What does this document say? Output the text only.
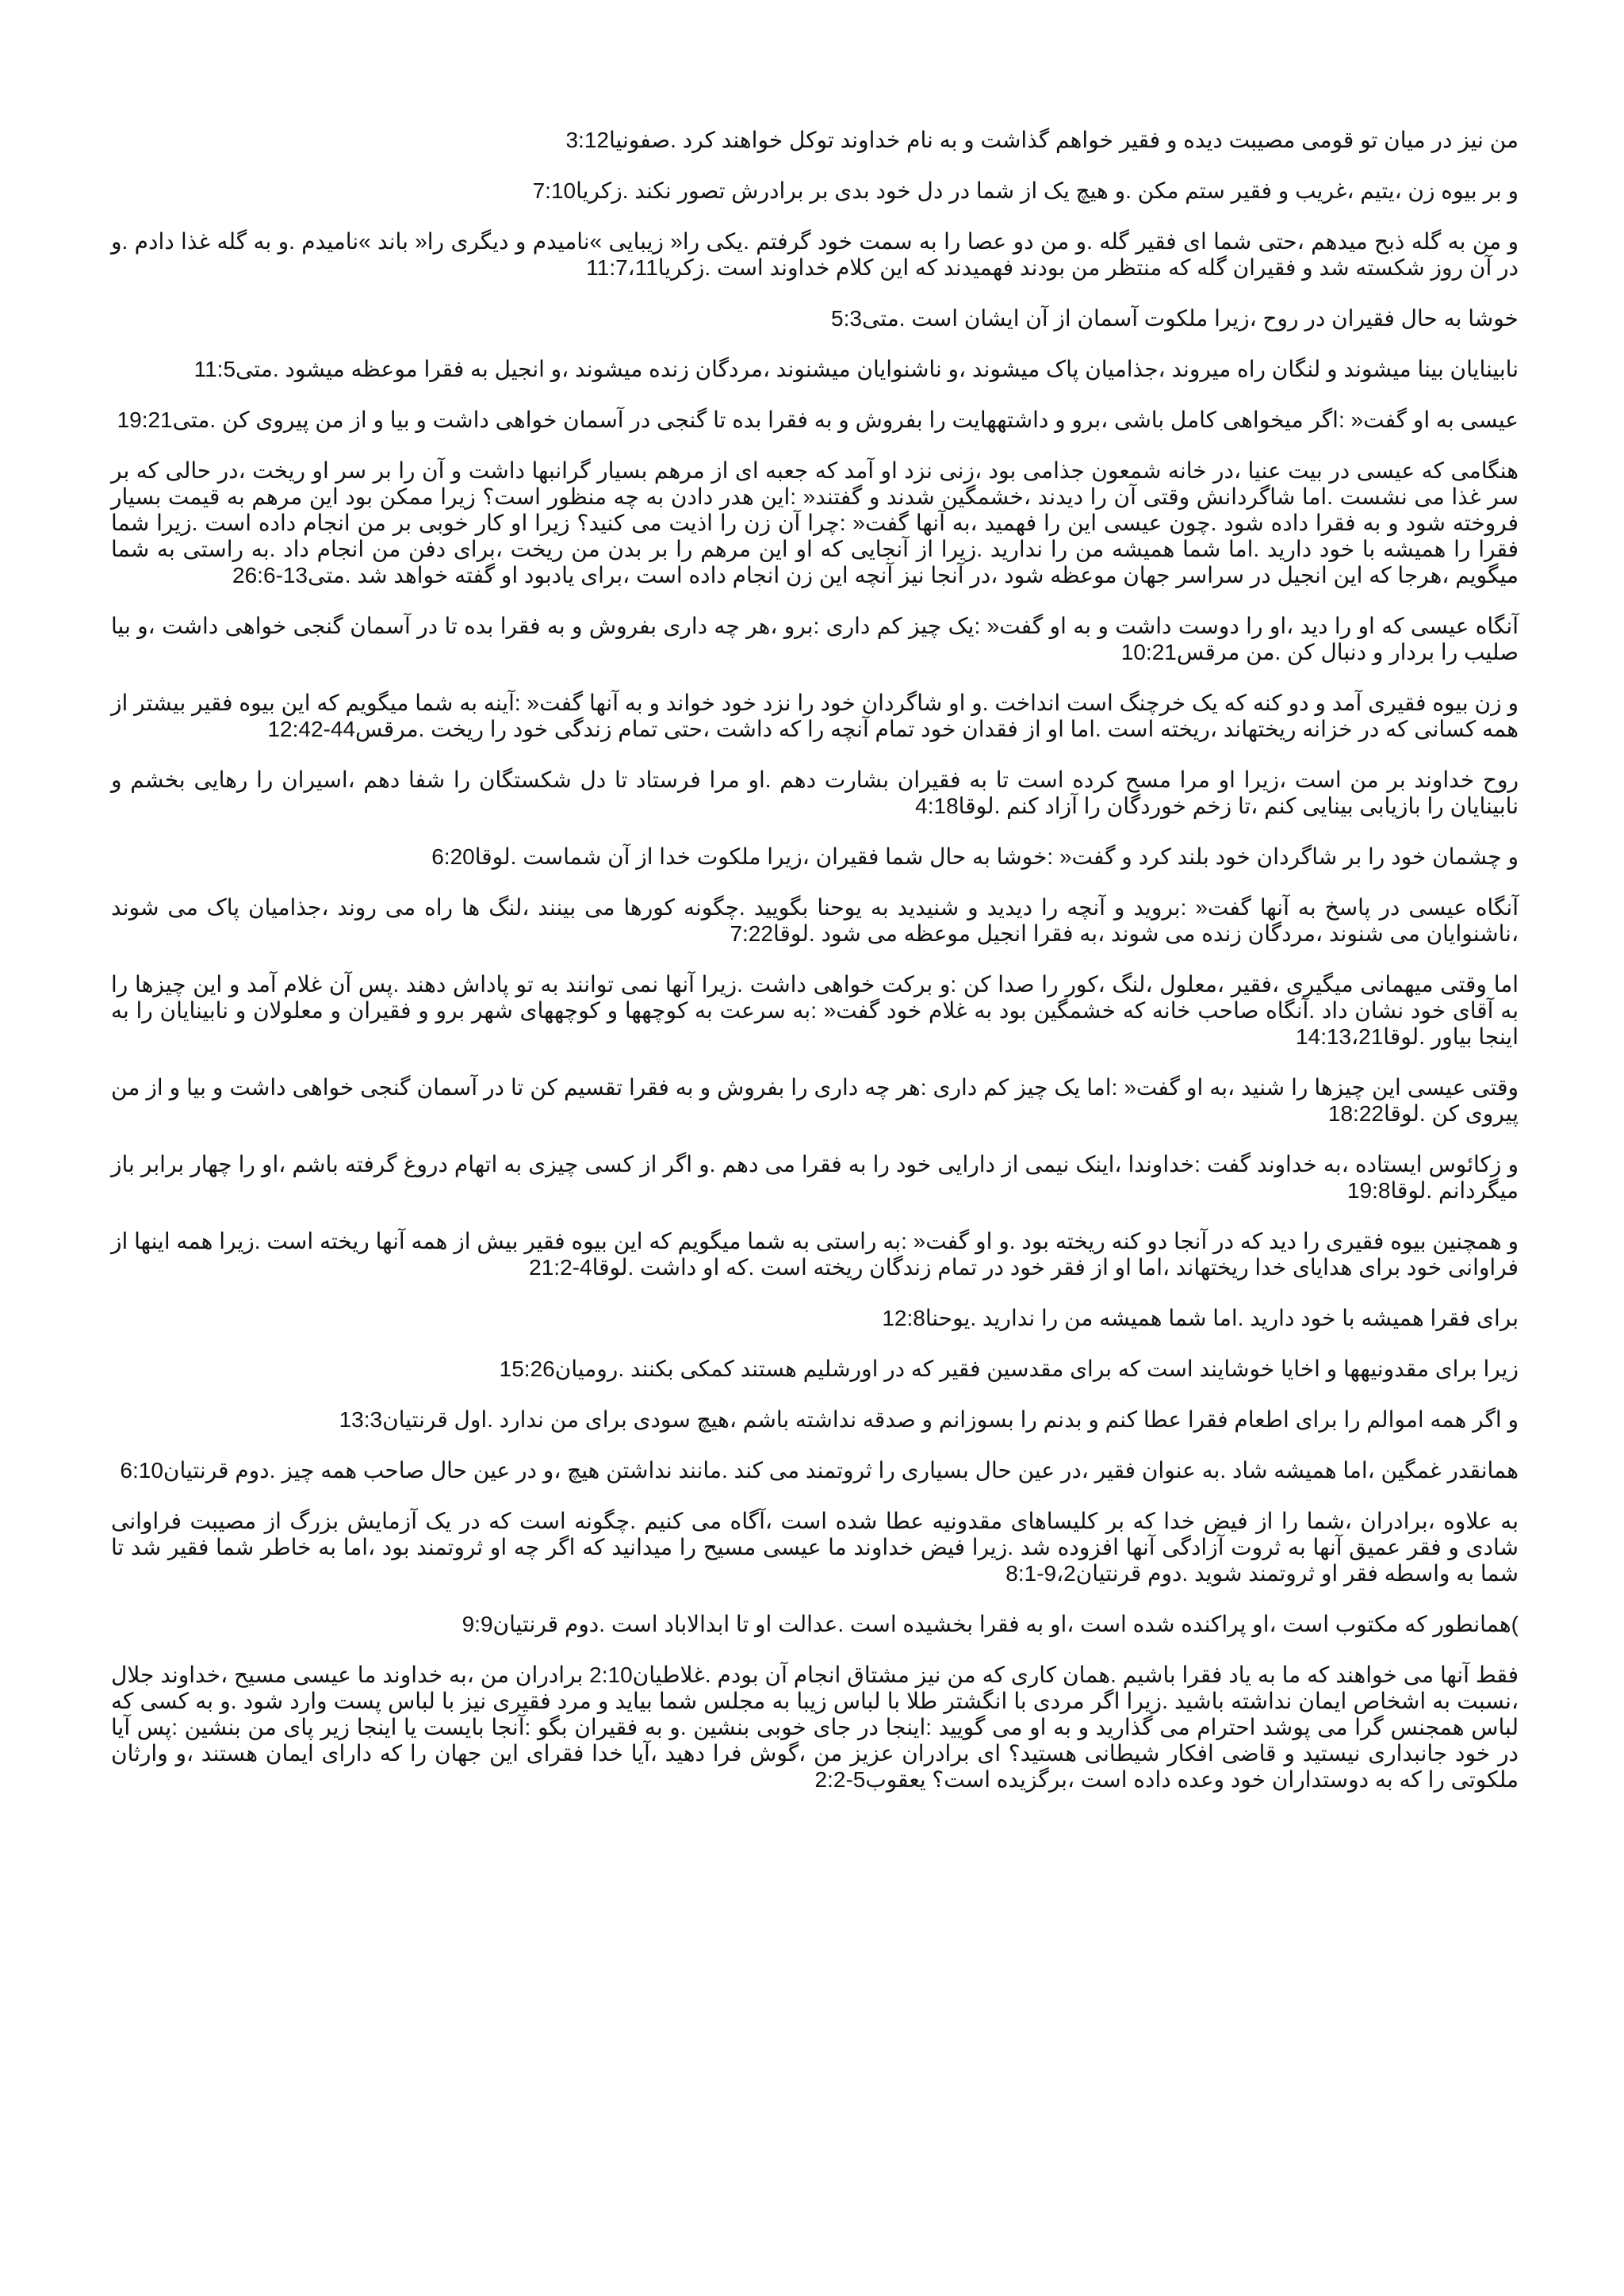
من نیز در میان تو قومی مصیبت دیده و فقیر خواهم گذاشت و به نام خداوند توکل خواهند کرد .صفونیا3:12

و بر بیوه زن ،یتیم ،غریب و فقیر ستم مکن .و هیچ یک از شما در دل خود بدی بر برادرش تصور نکند .زکریا7:10

و من به گله ذبح میدهم ،حتی شما ای فقیر گله .و من دو عصا را به سمت خود گرفتم .یکی را« زیبایی »نامیدم و دیگری را« باند »نامیدم .و به گله غذا دادم .و در آن روز شکسته شد و فقیران گله که منتظر من بودند فهمیدند که این کلام خداوند است .زکریا11:7،11

خوشا به حال فقیران در روح ،زیرا ملکوت آسمان از آن ایشان است .متی5:3

نابینایان بینا میشوند و لنگان راه میروند ،جذامیان پاک میشوند ،و ناشنوایان میشنوند ،مردگان زنده میشوند ،و انجیل به فقرا موعظه میشود .متی11:5

عیسی به او گفت« :اگر میخواهی کامل باشی ،برو و داشتههایت را بفروش و به فقرا بده تا گنجی در آسمان خواهی داشت و بیا و از من پیروی کن .متی19:21

هنگامی که عیسی در بیت عنیا ،در خانه شمعون جذامی بود ،زنی نزد او آمد که جعبه ای از مرهم بسیار گرانبها داشت و آن را بر سر او ریخت ،در حالی که بر سر غذا می نشست .اما شاگردانش وقتی آن را دیدند ،خشمگین شدند و گفتند« :این هدر دادن به چه منظور است؟ زیرا ممکن بود این مرهم به قیمت بسیار فروخته شود و به فقرا داده شود .چون عیسی این را فهمید ،به آنها گفت« :چرا آن زن را اذیت می کنید؟ زیرا او کار خوبی بر من انجام داده است .زیرا شما فقرا را همیشه با خود دارید .اما شما همیشه من را ندارید .زیرا از آنجایی که او این مرهم را بر بدن من ریخت ،برای دفن من انجام داد .به راستی به شما میگویم ،هرجا که این انجیل در سراسر جهان موعظه شود ،در آنجا نیز آنچه این زن انجام داده است ،برای یادبود او گفته خواهد شد .متی13-26:6

آنگاه عیسی که او را دید ،او را دوست داشت و به او گفت« :یک چیز کم داری :برو ،هر چه داری بفروش و به فقرا بده تا در آسمان گنجی خواهی داشت ،و بیا صلیب را بردار و دنبال کن .من مرقس10:21

و زن بیوه فقیری آمد و دو کنه که یک خرچنگ است انداخت .و او شاگردان خود را نزد خود خواند و به آنها گفت« :آینه به شما میگویم که این بیوه فقیر بیشتر از همه کسانی که در خزانه ریختهاند ،ریخته است .اما او از فقدان خود تمام آنچه را که داشت ،حتی تمام زندگی خود را ریخت .مرقس44-12:42

روح خداوند بر من است ،زیرا او مرا مسح کرده است تا به فقیران بشارت دهم .او مرا فرستاد تا دل شکستگان را شفا دهم ،اسیران را رهایی بخشم و نابینایان را بازیابی بینایی کنم ،تا زخم خوردگان را آزاد کنم .لوقا4:18

و چشمان خود را بر شاگردان خود بلند کرد و گفت« :خوشا به حال شما فقیران ،زیرا ملکوت خدا از آن شماست .لوقا6:20

آنگاه عیسی در پاسخ به آنها گفت« :بروید و آنچه را دیدید و شنیدید به یوحنا بگویید .چگونه کورها می بینند ،لنگ ها راه می روند ،جذامیان پاک می شوند ،ناشنوایان می شنوند ،مردگان زنده می شوند ،به فقرا انجیل موعظه می شود .لوقا7:22

اما وقتی میهمانی میگیری ،فقیر ،معلول ،لنگ ،کور را صدا کن :و برکت خواهی داشت .زیرا آنها نمی توانند به تو پاداش دهند .پس آن غلام آمد و این چیزها را به آقای خود نشان داد .آنگاه صاحب خانه که خشمگین بود به غلام خود گفت« :به سرعت به کوچهها و کوچههای شهر برو و فقیران و معلولان و نابینایان را به اینجا بیاور .لوقا14:13،21

وقتی عیسی این چیزها را شنید ،به او گفت« :اما یک چیز کم داری :هر چه داری را بفروش و به فقرا تقسیم کن تا در آسمان گنجی خواهی داشت و بیا و از من پیروی کن .لوقا18:22

و زکائوس ایستاده ،به خداوند گفت :خداوندا ،اینک نیمی از دارایی خود را به فقرا می دهم .و اگر از کسی چیزی به اتهام دروغ گرفته باشم ،او را چهار برابر باز میگردانم .لوقا19:8

و همچنین بیوه فقیری را دید که در آنجا دو کنه ریخته بود .و او گفت« :به راستی به شما میگویم که این بیوه فقیر بیش از همه آنها ریخته است .زیرا همه اینها از فراوانی خود برای هدایای خدا ریختهاند ،اما او از فقر خود در تمام زندگان ریخته است .که او داشت .لوقا4-21:2

برای فقرا همیشه با خود دارید .اما شما همیشه من را ندارید .یوحنا12:8

زیرا برای مقدونیهها و اخایا خوشایند است که برای مقدسین فقیر که در اورشلیم هستند کمکی بکنند .رومیان15:26

و اگر همه اموالم را برای اطعام فقرا عطا کنم و بدنم را بسوزانم و صدقه نداشته باشم ،هیچ سودی برای من ندارد .اول قرنتیان13:3

همانقدر غمگین ،اما همیشه شاد .به عنوان فقیر ،در عین حال بسیاری را ثروتمند می کند .مانند نداشتن هیچ ،و در عین حال صاحب همه چیز .دوم قرنتیان6:10

به علاوه ،برادران ،شما را از فیض خدا که بر کلیساهای مقدونیه عطا شده است ،آگاه می کنیم .چگونه است که در یک آزمایش بزرگ از مصیبت فراوانی شادی و فقر عمیق آنها به ثروت آزادگی آنها افزوده شد .زیرا فیض خداوند ما عیسی مسیح را میدانید که اگر چه او ثروتمند بود ،اما به خاطر شما فقیر شد تا شما به واسطه فقر او ثروتمند شوید .دوم قرنتیان9،2-8:1

)همانطور که مکتوب است ،او پراکنده شده است ،او به فقرا بخشیده است .عدالت او تا ابدالاباد است .دوم قرنتیان9:9

فقط آنها می خواهند که ما به یاد فقرا باشیم .همان کاری که من نیز مشتاق انجام آن بودم .غلاطیان2:10 برادران من ،به خداوند ما عیسی مسیح ،خداوند جلال ،نسبت به اشخاص ایمان نداشته باشید .زیرا اگر مردی با انگشتر طلا با لباس زیبا به مجلس شما بیاید و مرد فقیری نیز با لباس پست وارد شود .و به کسی که لباس همجنس گرا می پوشد احترام می گذارید و به او می گویید :اینجا در جای خوبی بنشین .و به فقیران بگو :آنجا بایست یا اینجا زیر پای من بنشین :پس آیا در خود جانبداری نیستید و قاضی افکار شیطانی هستید؟ ای برادران عزیز من ،گوش فرا دهید ،آیا خدا فقرای این جهان را که دارای ایمان هستند ،و وارثان ملکوتی را که به دوستداران خود وعده داده است ،برگزیده است؟ یعقوب5-2:2
